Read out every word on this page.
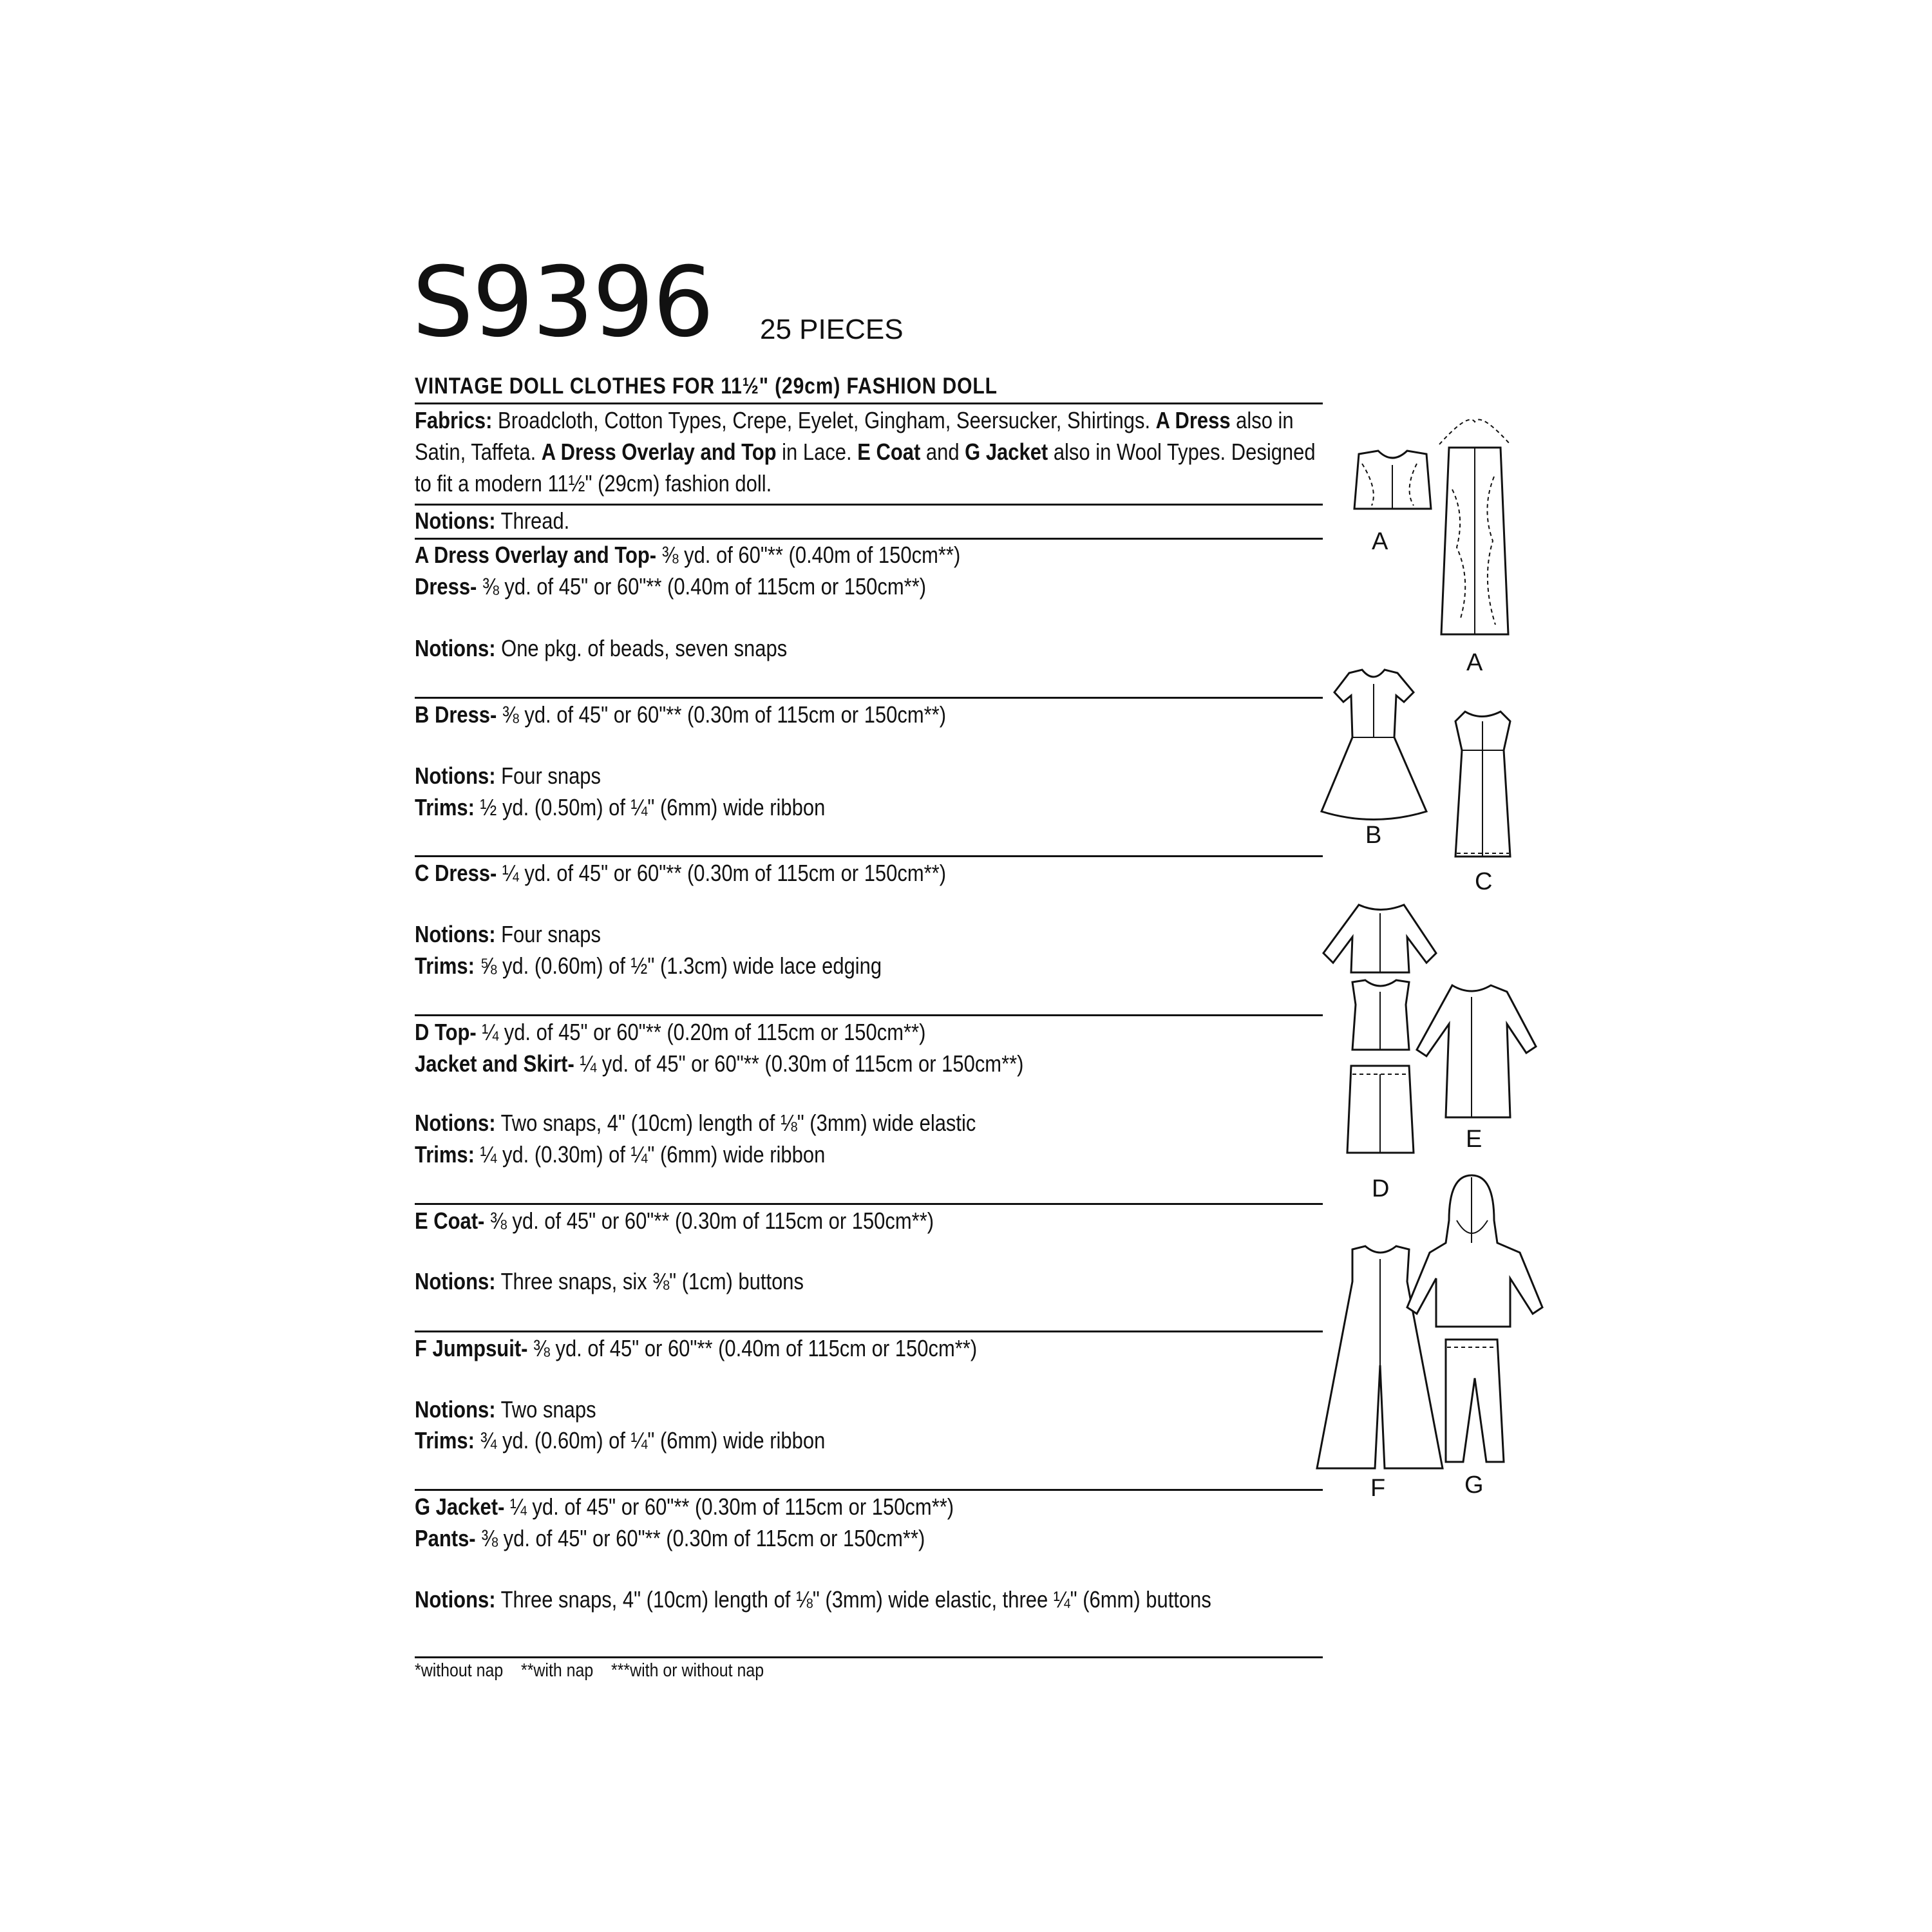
S9396 25 PIECES
VINTAGE DOLL CLOTHES FOR 11½" (29cm) FASHION DOLL
Fabrics: Broadcloth, Cotton Types, Crepe, Eyelet, Gingham, Seersucker, Shirtings. A Dress also in Satin, Taffeta. A Dress Overlay and Top in Lace. E Coat and G Jacket also in Wool Types. Designed to fit a modern 11½" (29cm) fashion doll.
Notions: Thread.
A Dress Overlay and Top- ⅜ yd. of 60"** (0.40m of 150cm**)
Dress- ⅜ yd. of 45" or 60"** (0.40m of 115cm or 150cm**)
Notions: One pkg. of beads, seven snaps
B Dress- ⅜ yd. of 45" or 60"** (0.30m of 115cm or 150cm**)
Notions: Four snaps
Trims: ½ yd. (0.50m) of ¼" (6mm) wide ribbon
C Dress- ¼ yd. of 45" or 60"** (0.30m of 115cm or 150cm**)
Notions: Four snaps
Trims: ⅝ yd. (0.60m) of ½" (1.3cm) wide lace edging
D Top- ¼ yd. of 45" or 60"** (0.20m of 115cm or 150cm**)
Jacket and Skirt- ¼ yd. of 45" or 60"** (0.30m of 115cm or 150cm**)
Notions: Two snaps, 4" (10cm) length of ⅛" (3mm) wide elastic
Trims: ¼ yd. (0.30m) of ¼" (6mm) wide ribbon
E Coat- ⅜ yd. of 45" or 60"** (0.30m of 115cm or 150cm**)
Notions: Three snaps, six ⅜" (1cm) buttons
F Jumpsuit- ⅜ yd. of 45" or 60"** (0.40m of 115cm or 150cm**)
Notions: Two snaps
Trims: ¾ yd. (0.60m) of ¼" (6mm) wide ribbon
G Jacket- ¼ yd. of 45" or 60"** (0.30m of 115cm or 150cm**)
Pants- ⅜ yd. of 45" or 60"** (0.30m of 115cm or 150cm**)
Notions: Three snaps, 4" (10cm) length of ⅛" (3mm) wide elastic, three ¼" (6mm) buttons
*without nap    **with nap    ***with or without nap
A
A
B
C
D
E
F	G
